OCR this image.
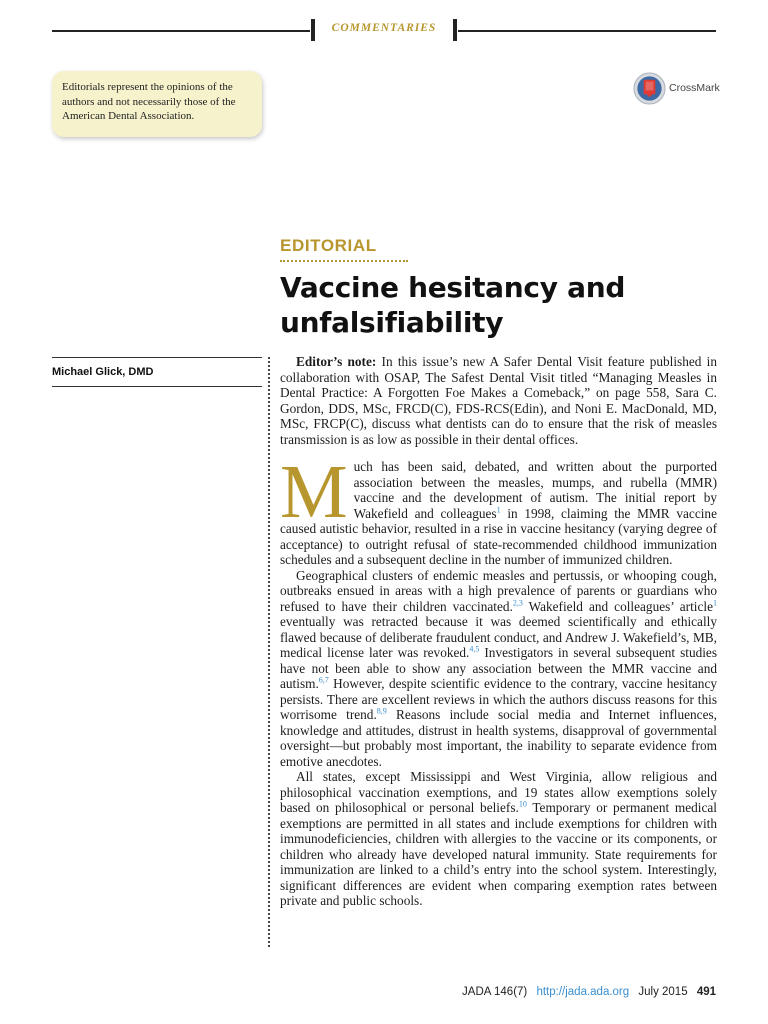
COMMENTARIES
Editorials represent the opinions of the authors and not necessarily those of the American Dental Association.
CrossMark
EDITORIAL
Vaccine hesitancy and unfalsifiability
Michael Glick, DMD

Editor’s note: In this issue’s new A Safer Dental Visit feature published in collaboration with OSAP, The Safest Dental Visit titled “Managing Measles in Dental Practice: A Forgotten Foe Makes a Comeback,” on page 558, Sara C. Gordon, DDS, MSc, FRCD(C), FDS-RCS(Edin), and Noni E. MacDonald, MD, MSc, FRCP(C), discuss what dentists can do to ensure that the risk of measles transmission is as low as possible in their dental offices.

Much has been said, debated, and written about the purported association between the measles, mumps, and rubella (MMR) vaccine and the development of autism. The initial report by Wakefield and colleagues$^1$ in 1998, claiming the MMR vaccine caused autistic behavior, resulted in a rise in vaccine hesitancy (varying degree of acceptance) to outright refusal of state-recommended childhood immunization schedules and a subsequent decline in the number of immunized children.

Geographical clusters of endemic measles and pertussis, or whooping cough, outbreaks ensued in areas with a high prevalence of parents or guardians who refused to have their children vaccinated.$^{2,3}$ Wakefield and colleagues’ article$^1$ eventually was retracted because it was deemed scientifically and ethically flawed because of deliberate fraudulent conduct, and Andrew J. Wakefield’s, MB, medical license later was revoked.$^{4,5}$ Investigators in several subsequent studies have not been able to show any association between the MMR vaccine and autism.$^{6,7}$ However, despite scientific evidence to the contrary, vaccine hesitancy persists. There are excellent reviews in which the authors discuss reasons for this worrisome trend.$^{8,9}$ Reasons include social media and Internet influences, knowledge and attitudes, distrust in health systems, disapproval of governmental oversight—but probably most important, the inability to separate evidence from emotive anecdotes.

All states, except Mississippi and West Virginia, allow religious and philosophical vaccination exemptions, and 19 states allow exemptions solely based on philosophical or personal beliefs.$^{10}$ Temporary or permanent medical exemptions are permitted in all states and include exemptions for children with immunodeficiencies, children with allergies to the vaccine or its components, or children who already have developed natural immunity. State requirements for immunization are linked to a child’s entry into the school system. Interestingly, significant differences are evident when comparing exemption rates between private and public schools.

JADA 146(7) http://jada.ada.org July 2015 491
